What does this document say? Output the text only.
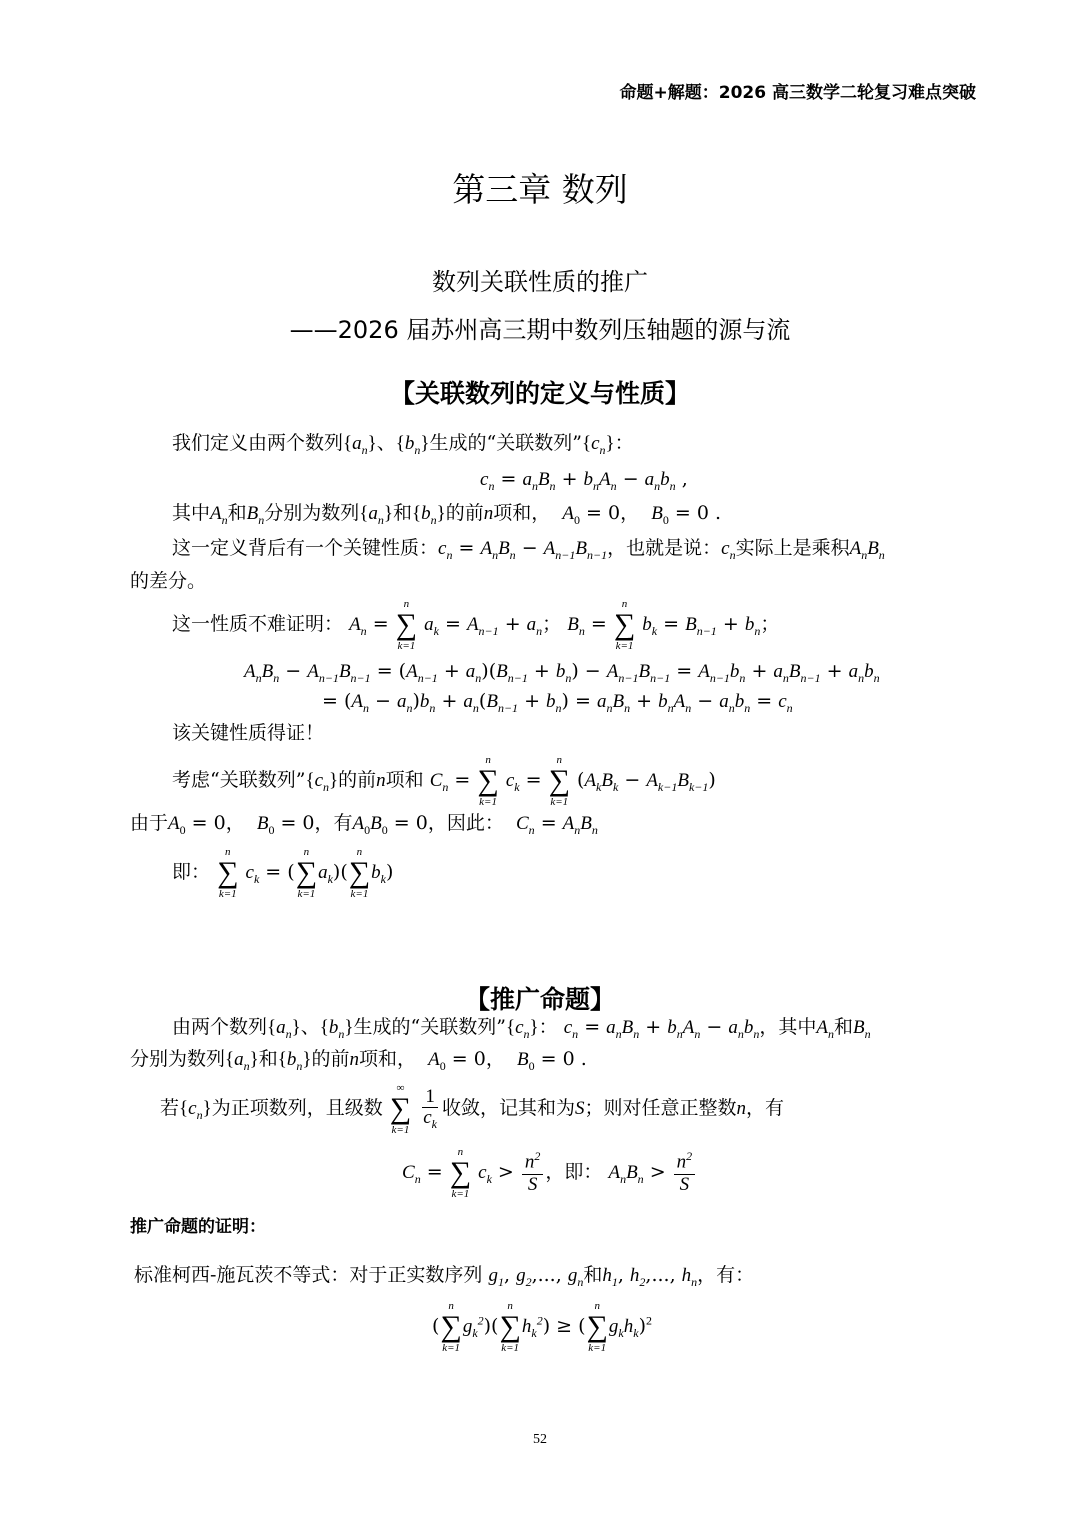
命题+解题：2026 高三数学二轮复习难点突破
第三章 数列
数列关联性质的推广
——2026 届苏州高三期中数列压轴题的源与流
【关联数列的定义与性质】
我们定义由两个数列$\{a_n\}$、$\{b_n\}$生成的“关联数列$”\{c_n\}$：
$c_n = a_nB_n + b_nA_n - a_nb_n$ ,
其中$A_n$和$B_n$分别为数列$\{a_n\}$和$\{b_n\}$的前n项和， $A_0 = 0$， $B_0 = 0$ .
这一定义背后有一个关键性质：$c_n = A_nB_n - A_{n-1}B_{n-1}$，也就是说：$c_n$实际上是乘积$A_nB_n$
的差分。
这一性质不难证明： $A_n$ =
n
∑
k=1
$a_k = A_{n-1} + a_n$； $B_n$ =
n
∑
k=1
$b_k = B_{n-1} + b_n$；
$A_nB_n - A_{n-1}B_{n-1} = (A_{n-1} + a_n)(B_{n-1} + b_n) - A_{n-1}B_{n-1} = A_{n-1}b_n + a_nB_{n-1} + a_nb_n$
= $(A_n - a_n)b_n + a_n(B_{n-1} + b_n) = a_nB_n + b_nA_n - a_nb_n = c_n$
该关键性质得证！
考虑“关联数列$”\{c_n\}$的前n项和 $C_n$ =
n
∑
k=1
$c_k$ =
n
∑
k=1
$(A_kB_k - A_{k-1}B_{k-1})$
由于$A_0 = 0$， $B_0 = 0$，有$A_0B_0 = 0$，因此： $C_n = A_nB_n$
即：
n
∑
k=1
$c_k$ = (
n
∑
k=1
$a_k$)(
n
∑
k=1
$b_k$)
【推广命题】
由两个数列$\{a_n\}$、$\{b_n\}$生成的“关联数列$”\{c_n\}$： $c_n = a_nB_n + b_nA_n - a_nb_n$，其中$A_n$和$B_n$
分别为数列$\{a_n\}$和$\{b_n\}$的前n项和， $A_0 = 0$， $B_0 = 0$ .
若$\{c_n\}$为正项数列，且级数
∞
∑
k=1
$\frac{1}{c_k}$ 收敛，记其和为S；则对任意正整数n，有
$C_n$ =
n
∑
k=1
$c_k > \frac{n^2}{S}$ ，即： $A_nB_n > \frac{n^2}{S}$
推广命题的证明：
标准柯西-施瓦茨不等式：对于正实数序列 $g_1$, $g_2$,..., $g_n$和$h_1$, $h_2$,..., $h_n$，有：
(
n
∑
k=1
$g_k^2$)(
n
∑
k=1
$h_k^2$) ≥ (
n
∑
k=1
$g_kh_k)^2$
52
